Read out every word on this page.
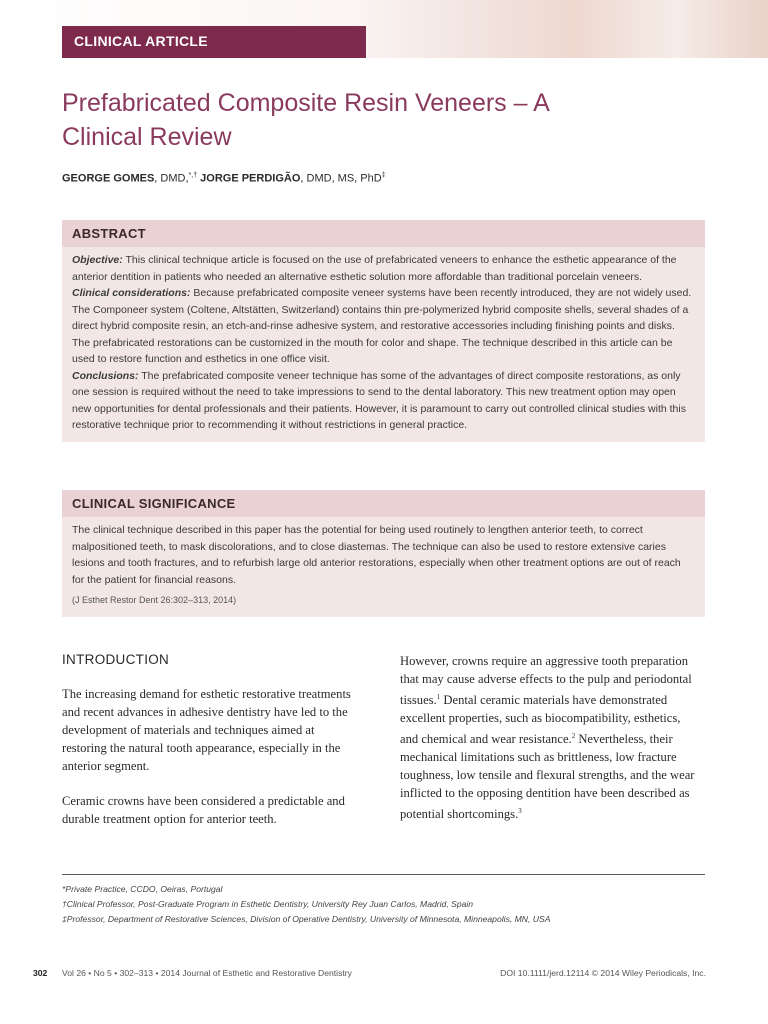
CLINICAL ARTICLE
Prefabricated Composite Resin Veneers – A Clinical Review
GEORGE GOMES, DMD,*,† JORGE PERDIGÃO, DMD, MS, PhD‡
ABSTRACT

Objective: This clinical technique article is focused on the use of prefabricated veneers to enhance the esthetic appearance of the anterior dentition in patients who needed an alternative esthetic solution more affordable than traditional porcelain veneers.

Clinical considerations: Because prefabricated composite veneer systems have been recently introduced, they are not widely used. The Componeer system (Coltene, Altstätten, Switzerland) contains thin pre-polymerized hybrid composite shells, several shades of a direct hybrid composite resin, an etch-and-rinse adhesive system, and restorative accessories including finishing points and disks. The prefabricated restorations can be customized in the mouth for color and shape. The technique described in this article can be used to restore function and esthetics in one office visit.

Conclusions: The prefabricated composite veneer technique has some of the advantages of direct composite restorations, as only one session is required without the need to take impressions to send to the dental laboratory. This new treatment option may open new opportunities for dental professionals and their patients. However, it is paramount to carry out controlled clinical studies with this restorative technique prior to recommending it without restrictions in general practice.

CLINICAL SIGNIFICANCE

The clinical technique described in this paper has the potential for being used routinely to lengthen anterior teeth, to correct malpositioned teeth, to mask discolorations, and to close diastemas. The technique can also be used to restore extensive caries lesions and tooth fractures, and to refurbish large old anterior restorations, especially when other treatment options are out of reach for the patient for financial reasons.

(J Esthet Restor Dent 26:302–313, 2014)

INTRODUCTION

The increasing demand for esthetic restorative treatments and recent advances in adhesive dentistry have led to the development of materials and techniques aimed at restoring the natural tooth appearance, especially in the anterior segment.

Ceramic crowns have been considered a predictable and durable treatment option for anterior teeth.

However, crowns require an aggressive tooth preparation that may cause adverse effects to the pulp and periodontal tissues.$^1$ Dental ceramic materials have demonstrated excellent properties, such as biocompatibility, esthetics, and chemical and wear resistance.$^2$ Nevertheless, their mechanical limitations such as brittleness, low fracture toughness, low tensile and flexural strengths, and the wear inflicted to the opposing dentition have been described as potential shortcomings.$^3$

*Private Practice, CCDO, Oeiras, Portugal

†Clinical Professor, Post-Graduate Program in Esthetic Dentistry, University Rey Juan Carlos, Madrid, Spain

‡Professor, Department of Restorative Sciences, Division of Operative Dentistry, University of Minnesota, Minneapolis, MN, USA

302 Vol 26 • No 5 • 302–313 • 2014 Journal of Esthetic and Restorative Dentistry	DOI 10.1111/jerd.12114 © 2014 Wiley Periodicals, Inc.
